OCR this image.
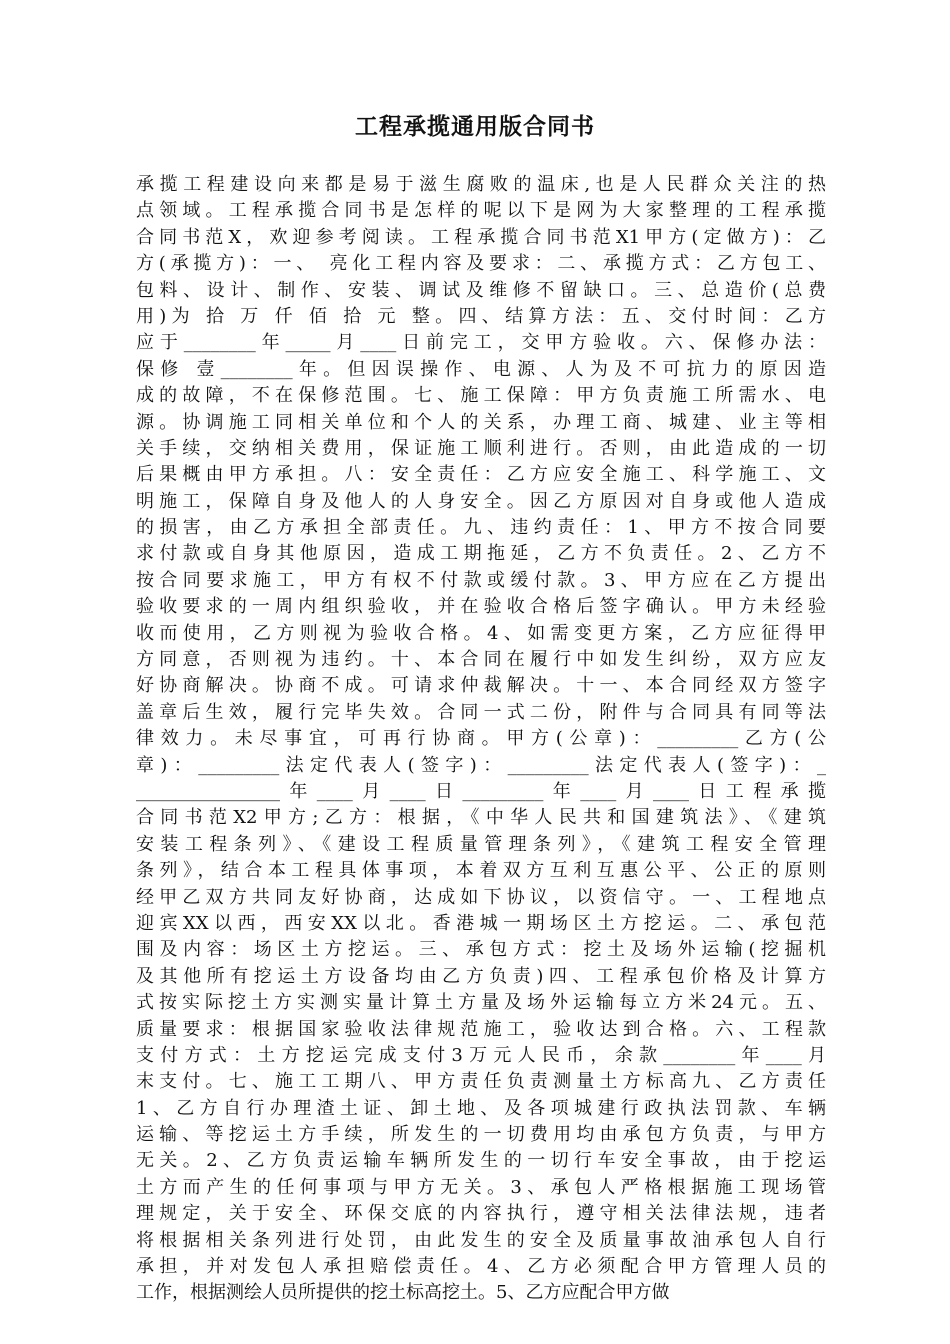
工程承揽通用版合同书
承揽工程建设向来都是易于滋生腐败的温床,也是人民群众关注的热
点领域。工程承揽合同书是怎样的呢以下是网为大家整理的工程承揽
合同书范X，欢迎参考阅读。工程承揽合同书范X1甲方(定做方)：乙
方(承揽方)：一、 亮化工程内容及要求：二、承揽方式：乙方包工、
包料、设计、制作、安装、调试及维修不留缺口。三、总造价(总费
用)为 拾 万 仟 佰 拾 元 整。四、结算方法：五、交付时间：乙方
应于________年_____月____日前完工，交甲方验收。六、保修办法：
保修 壹________年。但因误操作、电源、人为及不可抗力的原因造
成的故障，不在保修范围。七、施工保障：甲方负责施工所需水、电
源。协调施工同相关单位和个人的关系，办理工商、城建、业主等相
关手续，交纳相关费用，保证施工顺利进行。否则，由此造成的一切
后果概由甲方承担。八：安全责任：乙方应安全施工、科学施工、文
明施工，保障自身及他人的人身安全。因乙方原因对自身或他人造成
的损害，由乙方承担全部责任。九、违约责任：1、甲方不按合同要
求付款或自身其他原因，造成工期拖延，乙方不负责任。2、乙方不
按合同要求施工，甲方有权不付款或缓付款。3、甲方应在乙方提出
验收要求的一周内组织验收，并在验收合格后签字确认。甲方未经验
收而使用，乙方则视为验收合格。4、如需变更方案，乙方应征得甲
方同意，否则视为违约。十、本合同在履行中如发生纠纷，双方应友
好协商解决。协商不成。可请求仲裁解决。十一、本合同经双方签字
盖章后生效，履行完毕失效。合同一式二份，附件与合同具有同等法
律效力。未尽事宜，可再行协商。甲方(公章)：_________乙方(公
章)：_________法定代表人(签字)：_________法定代表人(签字)：_
________________年____月____日_________年____月____日工程承揽
合同书范X2甲方;乙方：根据，《中华人民共和国建筑法》、《建筑
安装工程条列》、《建设工程质量管理条列》，《建筑工程安全管理
条列》，结合本工程具体事项，本着双方互利互惠公平、公正的原则
经甲乙双方共同友好协商，达成如下协议，以资信守。一、工程地点
迎宾XX以西，西安XX以北。香港城一期场区土方挖运。二、承包范
围及内容：场区土方挖运。三、承包方式：挖土及场外运输(挖掘机
及其他所有挖运土方设备均由乙方负责)四、工程承包价格及计算方
式按实际挖土方实测实量计算土方量及场外运输每立方米24元。五、
质量要求：根据国家验收法律规范施工，验收达到合格。六、工程款
支付方式：土方挖运完成支付3万元人民币，余款________年____月
末支付。七、施工工期八、甲方责任负责测量土方标高九、乙方责任
1、乙方自行办理渣土证、卸土地、及各项城建行政执法罚款、车辆
运输、等挖运土方手续，所发生的一切费用均由承包方负责，与甲方
无关。2、乙方负责运输车辆所发生的一切行车安全事故，由于挖运
土方而产生的任何事项与甲方无关。3、承包人严格根据施工现场管
理规定，关于安全、环保交底的内容执行，遵守相关法律法规，违者
将根据相关条列进行处罚，由此发生的安全及质量事故油承包人自行
承担，并对发包人承担赔偿责任。4、乙方必须配合甲方管理人员的
工作，根据测绘人员所提供的挖土标高挖土。5、乙方应配合甲方做
